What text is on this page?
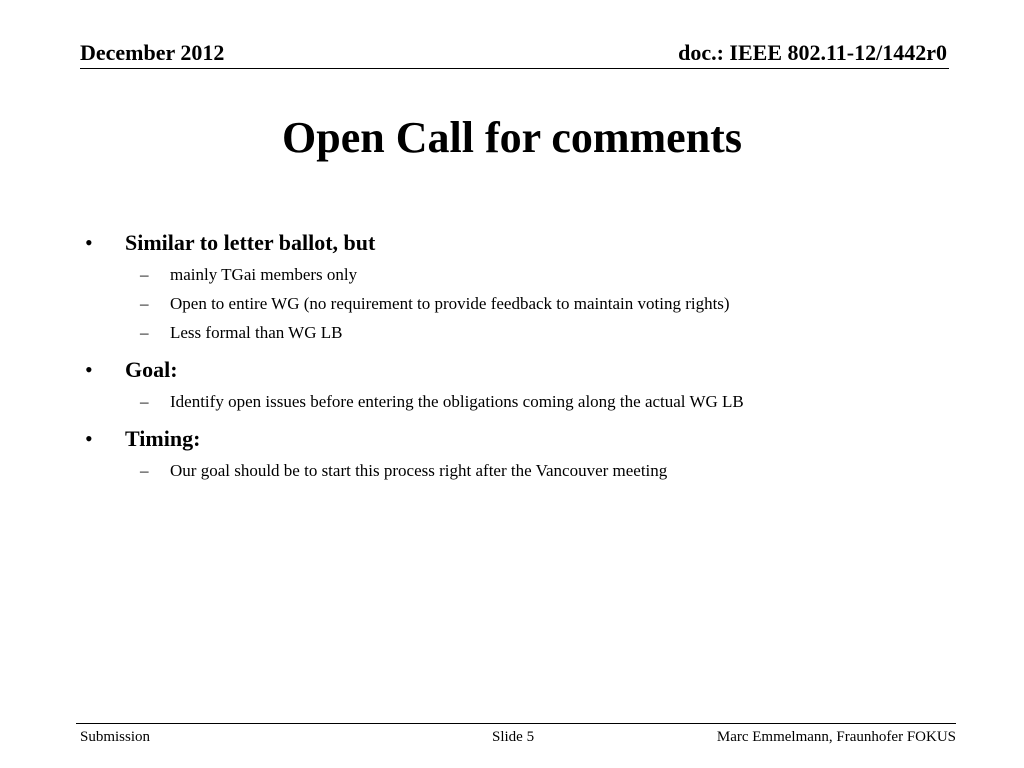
December 2012	doc.: IEEE 802.11-12/1442r0
Open Call for comments
•	Similar to letter ballot, but
–	mainly TGai members only
–	Open to entire WG (no requirement to provide feedback to maintain voting rights)
–	Less formal than WG LB
•	Goal:
–	Identify open issues before entering the obligations coming along the actual WG LB
•	Timing:
–	Our goal should be to start this process right after the Vancouver meeting
Submission	Slide 5	Marc Emmelmann, Fraunhofer FOKUS
